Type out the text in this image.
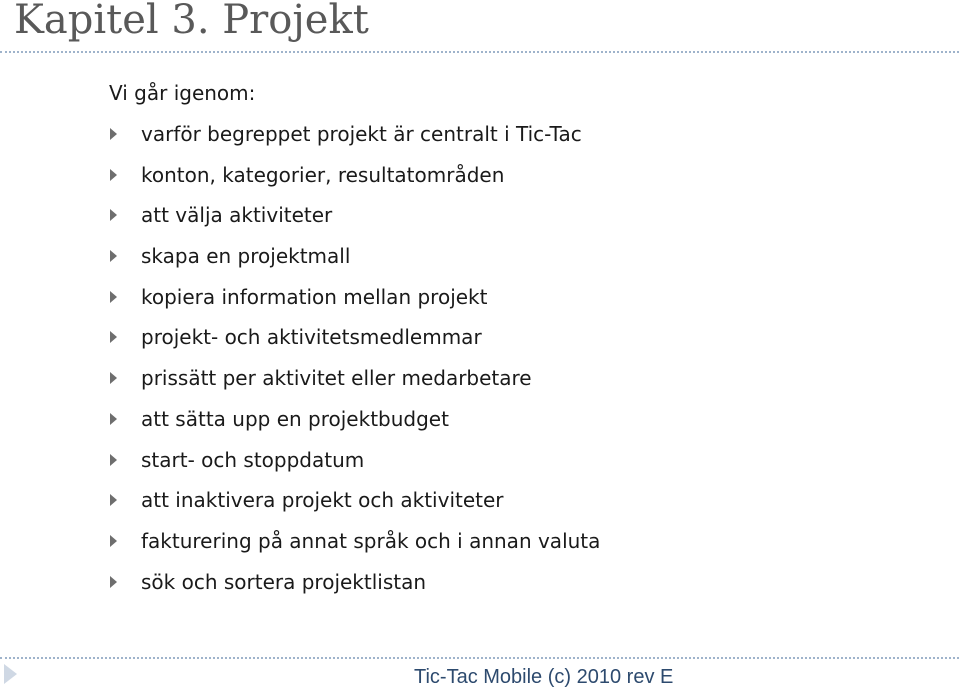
Kapitel 3. Projekt
Vi går igenom:
varför begreppet projekt är centralt i Tic-Tac
konton, kategorier, resultatområden
att välja aktiviteter
skapa en projektmall
kopiera information mellan projekt
projekt- och aktivitetsmedlemmar
prissätt per aktivitet eller medarbetare
att sätta upp en projektbudget
start- och stoppdatum
att inaktivera projekt och aktiviteter
fakturering på annat språk och i annan valuta
sök och sortera projektlistan
Tic-Tac Mobile (c) 2010 rev E
